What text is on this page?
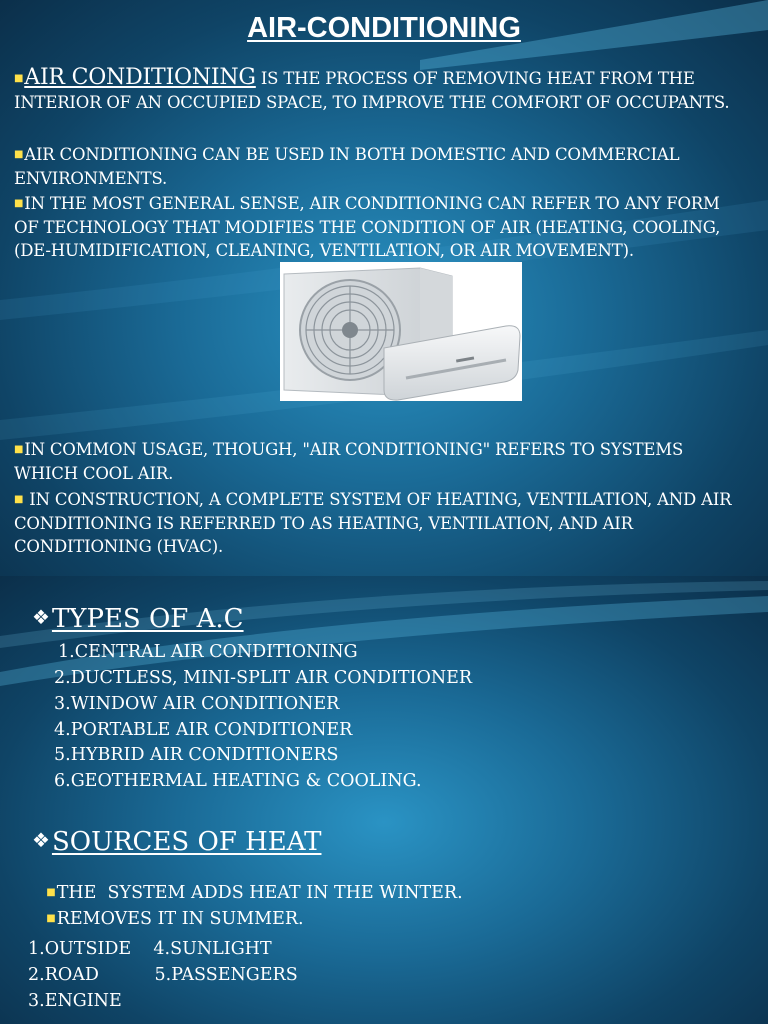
AIR-CONDITIONING
■AIR CONDITIONING IS THE PROCESS OF REMOVING HEAT FROM THE INTERIOR OF AN OCCUPIED SPACE, TO IMPROVE THE COMFORT OF OCCUPANTS.
■AIR CONDITIONING CAN BE USED IN BOTH DOMESTIC AND COMMERCIAL ENVIRONMENTS.
■IN THE MOST GENERAL SENSE, AIR CONDITIONING CAN REFER TO ANY FORM OF TECHNOLOGY THAT MODIFIES THE CONDITION OF AIR (HEATING, COOLING, (DE-HUMIDIFICATION, CLEANING, VENTILATION, OR AIR MOVEMENT).
■IN COMMON USAGE, THOUGH, "AIR CONDITIONING" REFERS TO SYSTEMS WHICH COOL AIR.
■ IN CONSTRUCTION, A COMPLETE SYSTEM OF HEATING, VENTILATION, AND AIR CONDITIONING IS REFERRED TO AS HEATING, VENTILATION, AND AIR CONDITIONING (HVAC).
❖TYPES OF A.C
1.CENTRAL AIR CONDITIONING
2.DUCTLESS, MINI-SPLIT AIR CONDITIONER
3.WINDOW AIR CONDITIONER
4.PORTABLE AIR CONDITIONER
5.HYBRID AIR CONDITIONERS
6.GEOTHERMAL HEATING & COOLING.
❖SOURCES OF HEAT

■THE  SYSTEM ADDS HEAT IN THE WINTER.

■REMOVES IT IN SUMMER.

1.OUTSIDE    4.SUNLIGHT
2.ROAD          5.PASSENGERS
3.ENGINE
